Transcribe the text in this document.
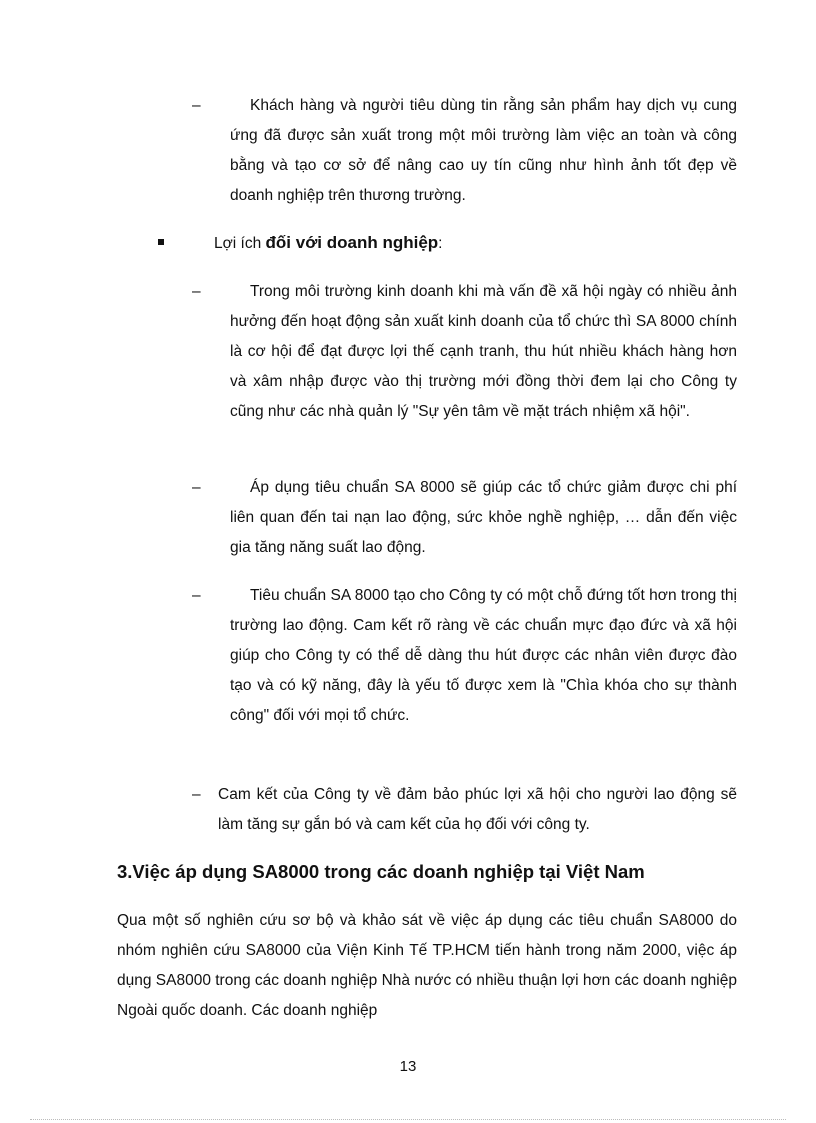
–	Khách hàng và người tiêu dùng tin rằng sản phẩm hay dịch vụ cung ứng đã được sản xuất trong một môi trường làm việc an toàn và công bằng và tạo cơ sở để nâng cao uy tín cũng như hình ảnh tốt đẹp về doanh nghiệp trên thương trường.

Lợi ích đối với doanh nghiệp:

–	Trong môi trường kinh doanh khi mà vấn đề xã hội ngày có nhiều ảnh hưởng đến hoạt động sản xuất kinh doanh của tổ chức thì SA 8000 chính là cơ hội để đạt được lợi thế cạnh tranh, thu hút nhiều khách hàng hơn và xâm nhập được vào thị trường mới đồng thời đem lại cho Công ty cũng như các nhà quản lý "Sự yên tâm về mặt trách nhiệm xã hội".

–	Áp dụng tiêu chuẩn SA 8000 sẽ giúp các tổ chức giảm được chi phí liên quan đến tai nạn lao động, sức khỏe nghề nghiệp, … dẫn đến việc gia tăng năng suất lao động.

–	Tiêu chuẩn SA 8000 tạo cho Công ty có một chỗ đứng tốt hơn trong thị trường lao động. Cam kết rõ ràng về các chuẩn mực đạo đức và xã hội giúp cho Công ty có thể dễ dàng thu hút được các nhân viên được đào tạo và có kỹ năng, đây là yếu tố được xem là "Chìa khóa cho sự thành công" đối với mọi tổ chức.

– Cam kết của Công ty về đảm bảo phúc lợi xã hội cho người lao động sẽ làm tăng sự gắn bó và cam kết của họ đối với công ty.

3.Việc áp dụng SA8000 trong các doanh nghiệp tại Việt Nam

Qua một số nghiên cứu sơ bộ và khảo sát về việc áp dụng các tiêu chuẩn SA8000 do nhóm nghiên cứu SA8000 của Viện Kinh Tế TP.HCM tiến hành trong năm 2000, việc áp dụng SA8000 trong các doanh nghiệp Nhà nước có nhiều thuận lợi hơn các doanh nghiệp Ngoài quốc doanh. Các doanh nghiệp

13
